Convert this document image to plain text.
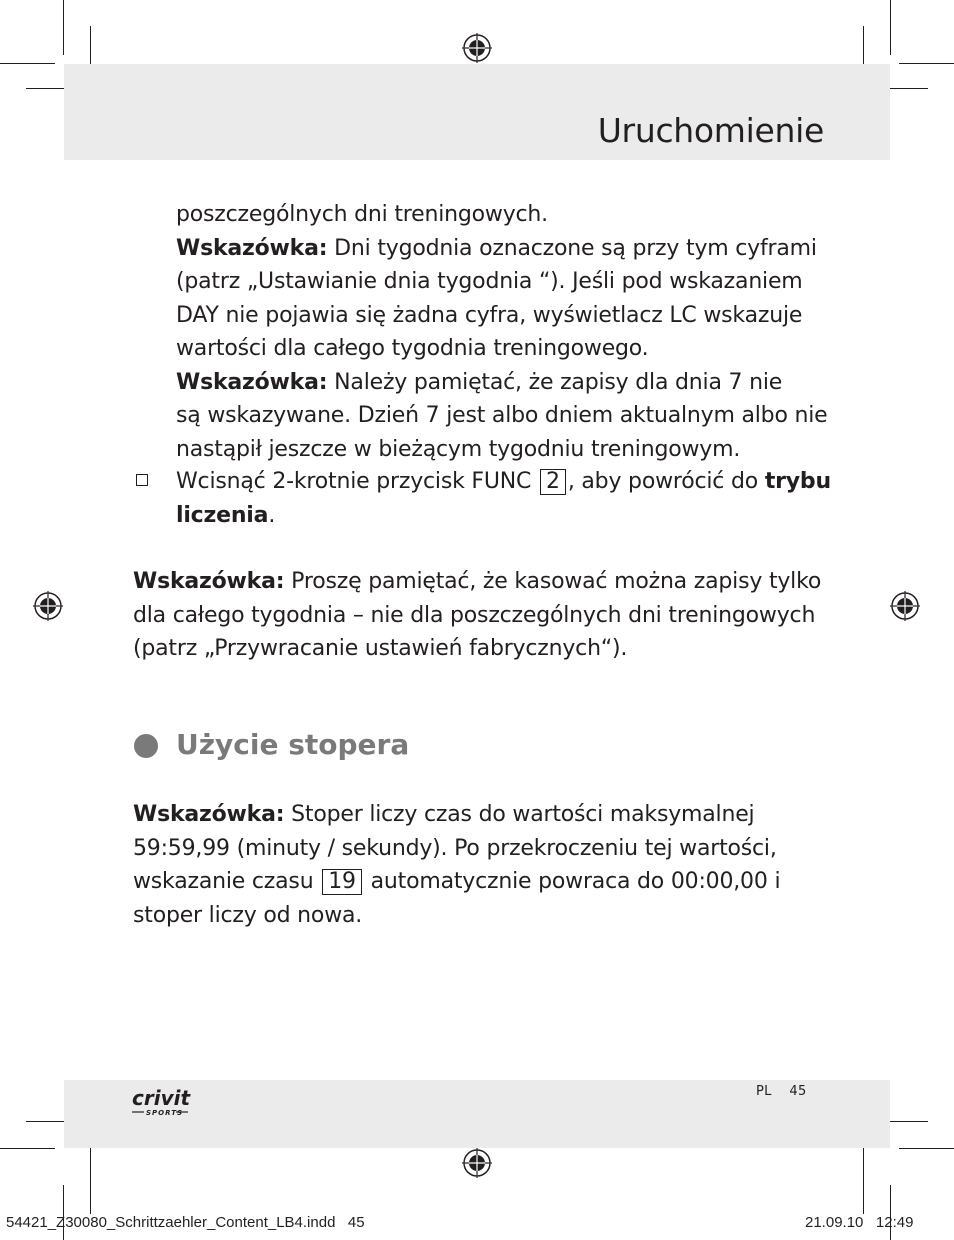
Uruchomienie

poszczególnych dni treningowych.

Wskazówka: Dni tygodnia oznaczone są przy tym cyframi

(patrz „Ustawianie dnia tygodnia “). Jeśli pod wskazaniem

DAY nie pojawia się żadna cyfra, wyświetlacz LC wskazuje

wartości dla całego tygodnia treningowego.

Wskazówka: Należy pamiętać, że zapisy dla dnia 7 nie

są wskazywane. Dzień 7 jest albo dniem aktualnym albo nie

nastąpił jeszcze w bieżącym tygodniu treningowym.

Wcisnąć 2-krotnie przycisk FUNC 2 , aby powrócić do trybu

liczenia.

Wskazówka: Proszę pamiętać, że kasować można zapisy tylko

dla całego tygodnia – nie dla poszczególnych dni treningowych

(patrz „Przywracanie ustawień fabrycznych“).

Użycie stopera

Wskazówka: Stoper liczy czas do wartości maksymalnej

59:59,99 (minuty / sekundy). Po przekroczeniu tej wartości,

wskazanie czasu 19 automatycznie powraca do 00:00,00 i

stoper liczy od nowa.

crivit
SPORTS
PL 45
54421_Z30080_Schrittzaehler_Content_LB4.indd   45	21.09.10   12:49
